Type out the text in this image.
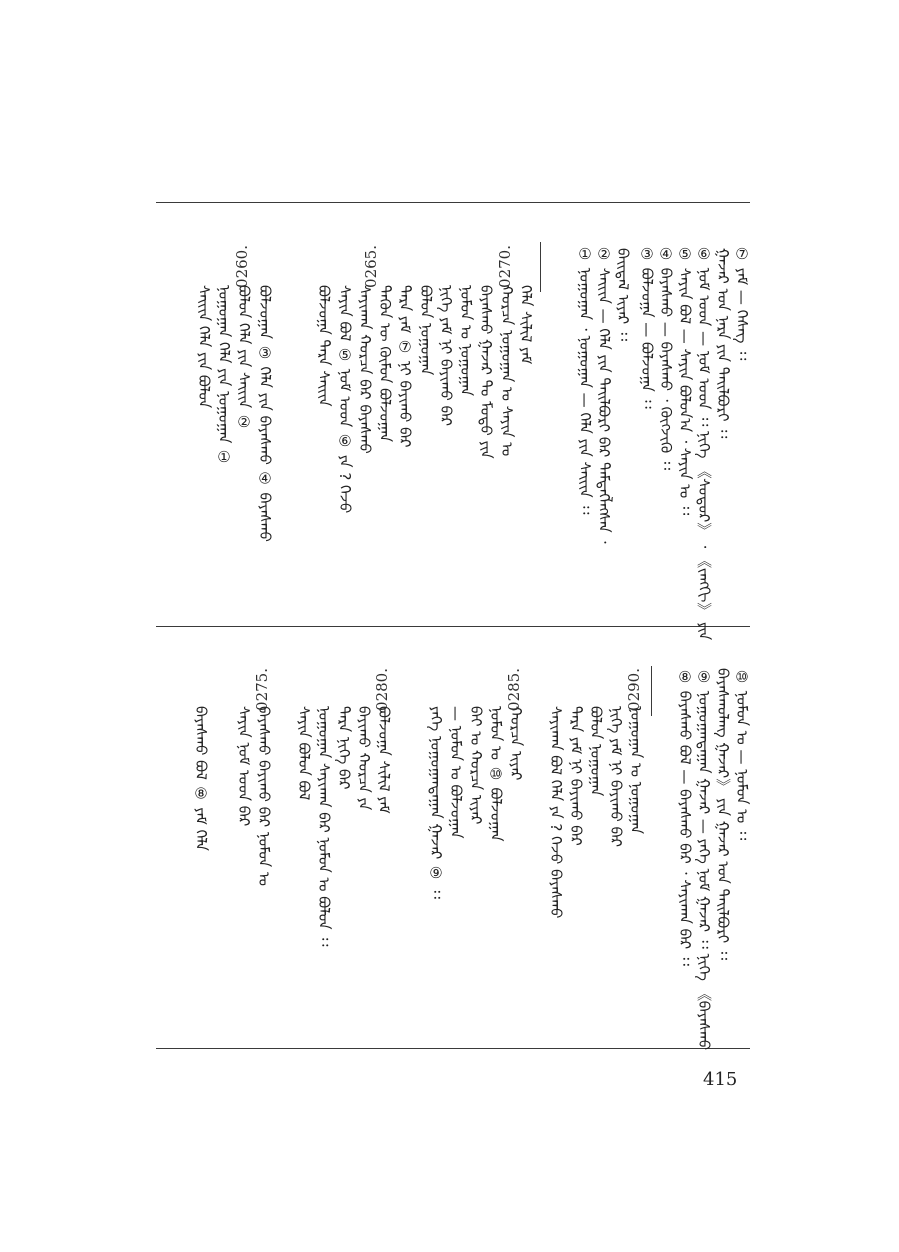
⑦ ᠶᠠᠮ — ᠬᠡᠰᠡᠭ ᠄᠄
ᠭᠠᠵᠠᠷ ᠤᠨ ᠨᠡᠷᠡ ᠶᠢᠨ ᠲᠠᠢᠯᠪᠤᠷᠢ ᠄᠄
⑥ ᠨᠣᠮ ᠤᠳ — ᠨᠣᠮ ᠤᠳ ᠄᠄ ᠨᠢᠭᠡ 《ᠰᠤᠳᠤᠷ》 ᠂ 《ᠵᠠᠩᠭᠢ》 ᠶᠢᠨ
⑤ ᠰᠠᠶᠢᠨ ᠪᠣᠯ — ᠰᠠᠶᠢᠨ ᠪᠣᠯᠤᠨ᠎ᠠ ᠂ ᠰᠠᠶᠢᠨ ᠤ ᠄᠄
④ ᠪᠠᠶᠠᠰᠬᠤ — ᠪᠠᠶᠠᠰᠬᠤ ᠂ ᠬᠥᠭᠵᠢᠬᠦ ᠄᠄
③ ᠪᠣᠯᠵᠣᠭᠠ — ᠪᠣᠯᠵᠣᠭᠠ ᠄᠄
ᠪᠠᠢᠳᠠᠯ ᠢᠶᠡᠷ ᠄᠄
② ᠰᠠᠢᠢᠨ — ᠬᠡᠯᠡ ᠶᠢᠨ ᠲᠠᠢᠯᠪᠤᠷᠢ ᠪᠡᠷ ᠲᠡᠮᠳᠡᠭᠯᠡᠭᠰᠡᠨ ᠂
① ᠨᠣᠭᠤᠭᠠᠨ ᠂ ᠨᠣᠭᠤᠭᠠᠨ — ᠬᠡᠯᠡ ᠶᠢᠨ ᠰᠠᠢᠢᠨ ᠄᠄
ᠬᠡᠯᠡ ᠰᠢᠯᠢᠯ ᠶᠠᠮ
ᠬᠤᠷᠴᠠ ᠨᠣᠭᠤᠭᠠᠨ ᠤ ᠰᠠᠶᠢᠨ ᠤ
ᠪᠠᠶᠠᠰᠬᠤ ᠭᠠᠵᠠᠷ ᠲᠤ ᠮᠣᠳᠣ ᠶᠢᠨ
ᠨᠣᠮᠤᠨ ᠤ ᠨᠣᠭᠤᠭᠠᠨ
ᠨᠢᠭᠡ ᠶᠠᠮ ᠨᠢ ᠪᠠᠶᠢᠬᠤ ᠪᠡᠷ
ᠪᠣᠯᠤᠨ ᠨᠣᠭᠤᠭᠠᠨ
ᠲᠡᠷᠡ ᠶᠠᠮ ⑦ ᠨᠢ ᠪᠠᠶᠢᠬᠤ ᠪᠡᠷ
ᠲᠡᠭᠦᠨ ᠦ ᠬᠦᠮᠦᠨ ᠪᠣᠯᠵᠣᠭᠠᠨ
ᠰᠠᠶᠢᠬᠠᠨ ᠬᠤᠷᠴᠠ ᠪᠡᠷ ᠪᠠᠶᠠᠰᠬᠤ
ᠰᠠᠶᠢᠨ ᠪᠣᠯ ⑤ ᠨᠣᠮ ᠤᠳ ⑥ ᠶᠠ ? ᠭᠡᠵᠦ
ᠪᠣᠯᠵᠣᠭᠠ ᠲᠡᠷᠡ ᠰᠠᠢᠢᠨ
ᠪᠣᠯᠵᠣᠭᠠᠨ ③ ᠬᠡᠯᠡ ᠶᠢᠨ ᠪᠠᠶᠠᠰᠬᠤ ④ ᠪᠠᠶᠠᠰᠬᠤ
ᠪᠣᠯᠤᠨ ᠬᠡᠯᠡ ᠶᠢᠨ ᠰᠠᠢᠢᠨ ②
ᠨᠣᠭᠤᠭᠠᠨ ᠬᠡᠯᠡ ᠶᠢᠨ ᠨᠣᠭᠤᠭᠠᠨ ①
ᠰᠠᠢᠢᠨ ᠬᠡᠯᠡ ᠶᠢᠨ ᠪᠣᠯᠤᠨ
0270.
0265.
0260.
⑩ ᠨᠣᠮᠤᠨ ᠤ — ᠨᠣᠮᠤᠨ ᠤ ᠄᠄
ᠪᠠᠶᠠᠰᠬᠤᠯᠠᠩ ᠭᠠᠵᠠᠷ》 ᠶᠢᠨ ᠭᠠᠵᠠᠷ ᠤᠨ ᠲᠠᠢᠯᠪᠤᠷᠢ ᠄᠄
⑨ ᠨᠣᠭᠤᠭᠠᠨᠳᠠᠭᠠᠨ ᠭᠠᠵᠠᠷ — ᠶᠡᠬᠡ ᠨᠣᠮ ᠭᠠᠵᠠᠷ ᠄᠄ ᠨᠢᠭᠡ 《ᠪᠠᠶᠠᠰᠬᠤ
⑧ ᠪᠠᠶᠠᠰᠬᠤ ᠪᠣᠯ — ᠪᠠᠶᠠᠰᠬᠤ ᠪᠡᠷ ᠂ ᠰᠠᠶᠢᠬᠠᠨ ᠪᠡᠷ ᠄᠄
ᠨᠣᠭᠤᠭᠠᠨ ᠤ ᠨᠣᠭᠤᠭᠠᠨ
ᠨᠢᠭᠡ ᠶᠠᠮ ᠨᠢ ᠪᠠᠶᠢᠬᠤ ᠪᠡᠷ
ᠪᠣᠯᠤᠨ ᠨᠣᠭᠤᠭᠠᠨ
ᠲᠡᠷᠡ ᠶᠠᠮ ᠨᠢ ᠪᠠᠶᠢᠬᠤ ᠪᠡᠷ
ᠰᠠᠶᠢᠬᠠᠨ ᠪᠣᠯ ᠬᠡᠯᠡ ᠶᠠ ? ᠭᠡᠵᠦ ᠪᠠᠶᠠᠰᠬᠤ
ᠬᠤᠷᠴᠠ ᠢᠶᠡᠷ
ᠨᠣᠮᠤᠨ ᠤ ⑩ ᠪᠣᠯᠵᠣᠭᠠᠨ
ᠪᠠᠢ ᠤ ᠬᠤᠷᠴᠠ ᠢᠶᠡᠷ
— ᠨᠣᠮᠤᠨ ᠤ ᠪᠣᠯᠵᠣᠭᠠᠨ
ᠶᠡᠬᠡ ᠨᠣᠭᠤᠭᠠᠨᠳᠠᠭᠠᠨ ᠭᠠᠵᠠᠷ ⑨ ᠄᠄
ᠪᠣᠯᠵᠣᠭᠠ ᠰᠢᠯᠢᠯ ᠶᠠᠮ
ᠪᠠᠶᠢᠬᠤ ᠬᠤᠷᠴᠠ ᠶᠠ
ᠲᠡᠷᠡ ᠨᠢᠭᠡ ᠪᠡᠷ
ᠨᠣᠭᠤᠭᠠᠨ ᠰᠠᠶᠢᠬᠠᠨ ᠪᠡᠷ ᠨᠣᠮᠤᠨ ᠤ ᠪᠣᠯᠤᠨ ᠄᠄
ᠰᠠᠶᠢᠨ ᠪᠣᠯᠤᠨ ᠪᠣᠯ
ᠪᠠᠶᠠᠰᠬᠤ ᠪᠠᠶᠢᠬᠤ ᠪᠡᠷ ᠨᠣᠮᠤᠨ ᠤ
ᠰᠠᠶᠢᠨ ᠨᠣᠮ ᠤᠳ ᠪᠡᠷ
ᠪᠠᠶᠠᠰᠬᠤ ᠪᠣᠯ ⑧ ᠶᠠᠮ ᠬᠡᠯᠡ
0290.
0285.
0280.
0275.
415
